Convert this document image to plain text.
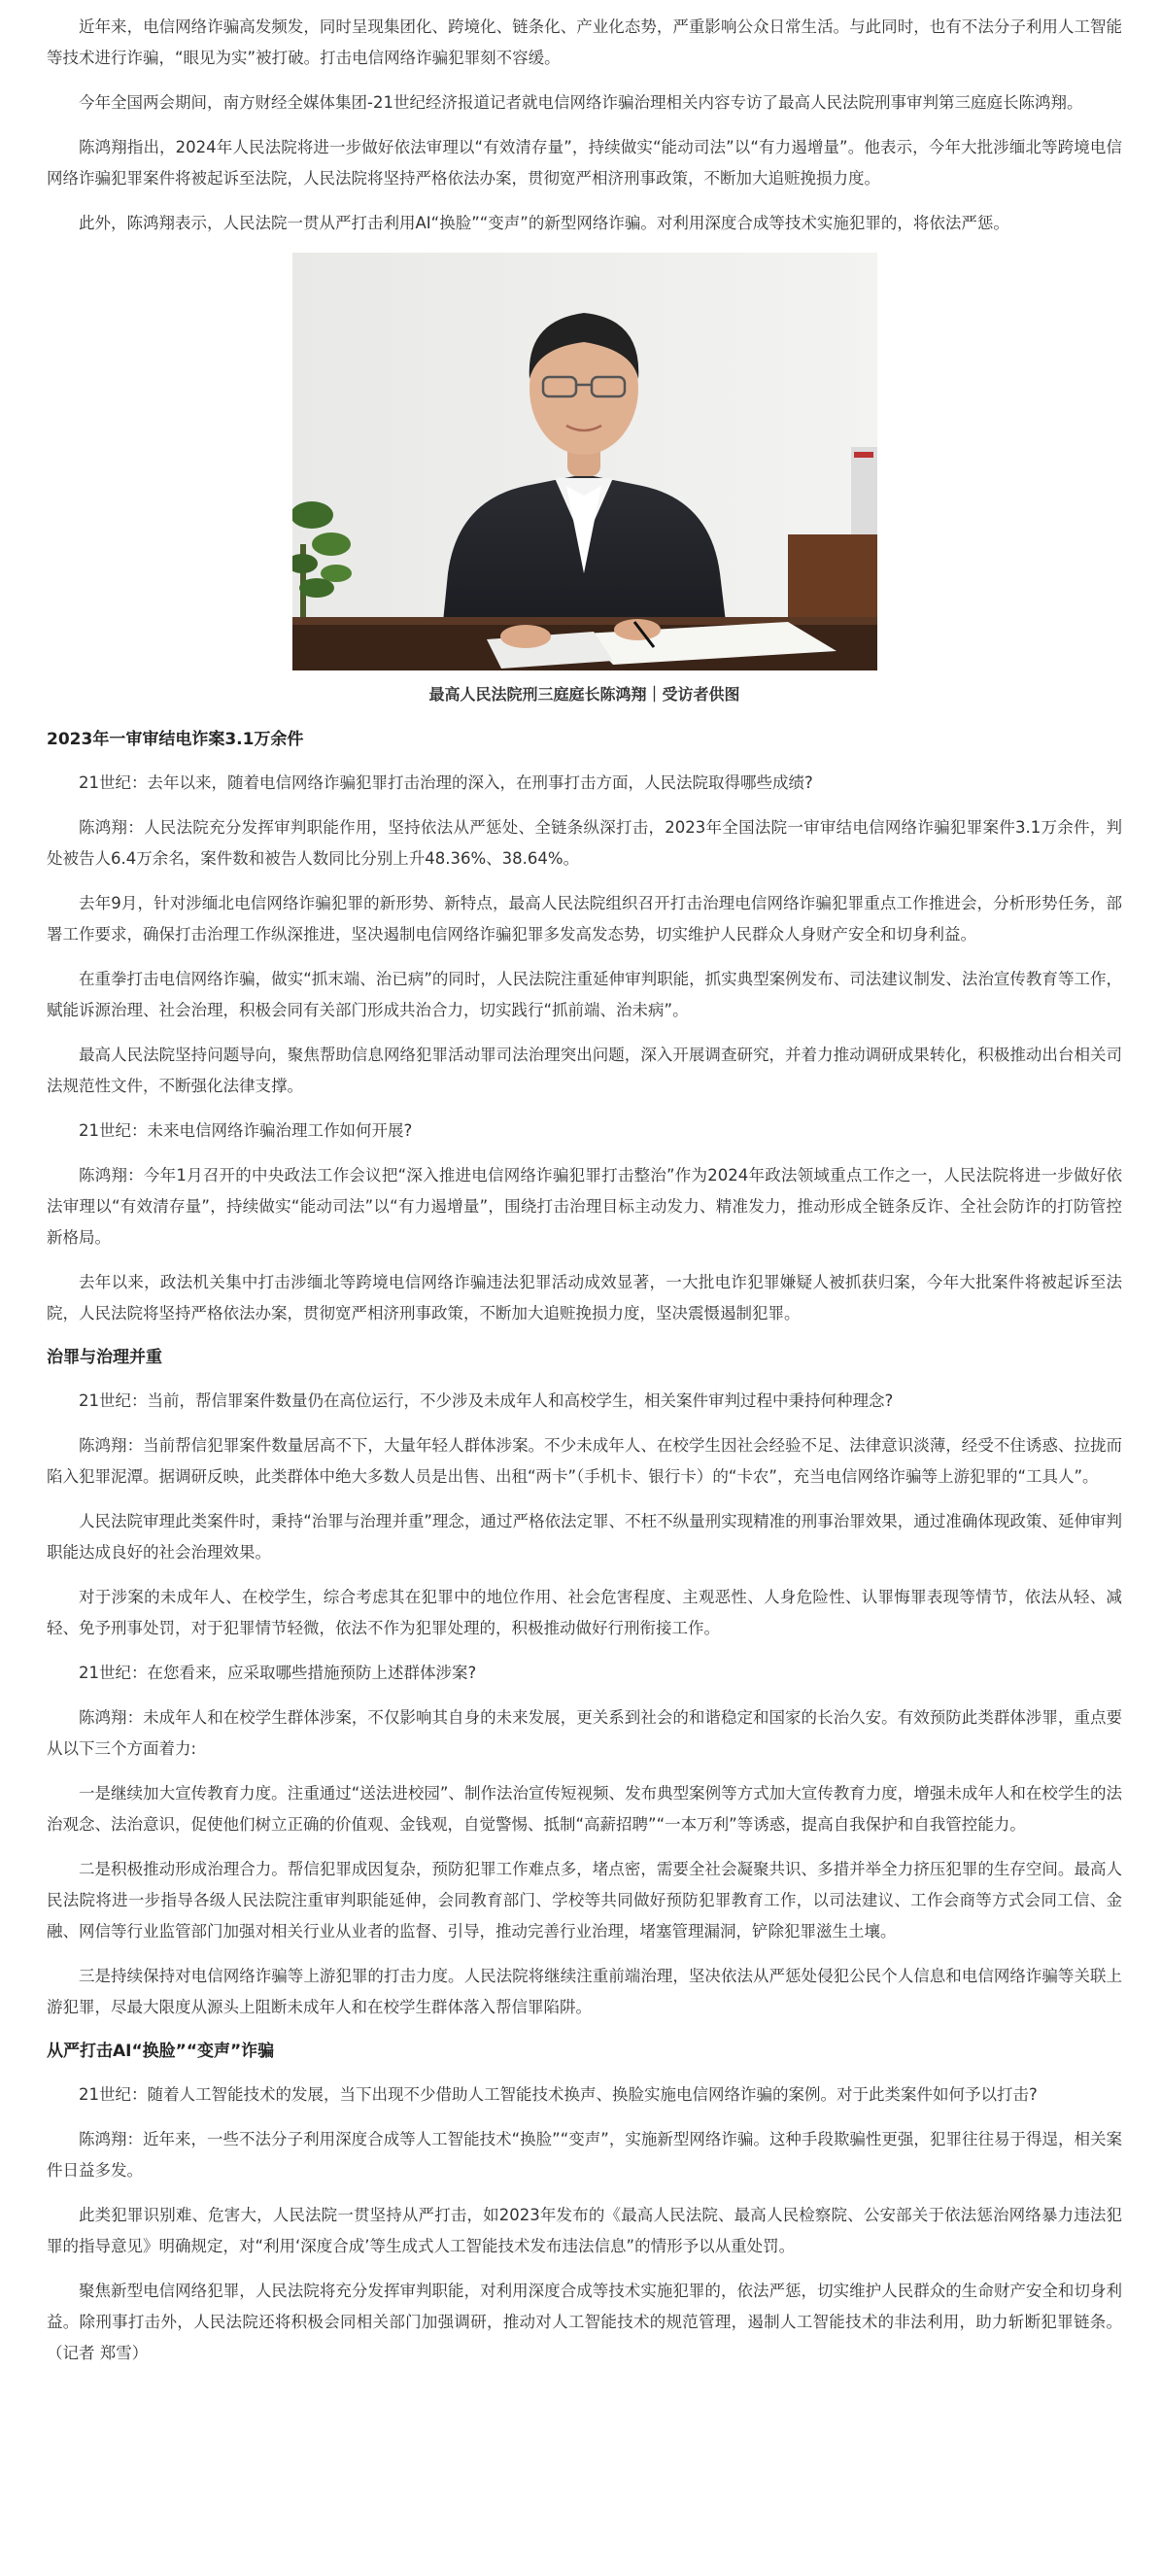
近年来，电信网络诈骗高发频发，同时呈现集团化、跨境化、链条化、产业化态势，严重影响公众日常生活。与此同时，也有不法分子利用人工智能等技术进行诈骗，“眼见为实”被打破。打击电信网络诈骗犯罪刻不容缓。

今年全国两会期间，南方财经全媒体集团-21世纪经济报道记者就电信网络诈骗治理相关内容专访了最高人民法院刑事审判第三庭庭长陈鸿翔。

陈鸿翔指出，2024年人民法院将进一步做好依法审理以“有效清存量”，持续做实“能动司法”以“有力遏增量”。他表示，今年大批涉缅北等跨境电信网络诈骗犯罪案件将被起诉至法院，人民法院将坚持严格依法办案，贯彻宽严相济刑事政策，不断加大追赃挽损力度。

此外，陈鸿翔表示，人民法院一贯从严打击利用AI“换脸”“变声”的新型网络诈骗。对利用深度合成等技术实施犯罪的，将依法严惩。

最高人民法院刑三庭庭长陈鸿翔｜受访者供图

2023年一审审结电诈案3.1万余件

21世纪：去年以来，随着电信网络诈骗犯罪打击治理的深入，在刑事打击方面，人民法院取得哪些成绩?

陈鸿翔：人民法院充分发挥审判职能作用，坚持依法从严惩处、全链条纵深打击，2023年全国法院一审审结电信网络诈骗犯罪案件3.1万余件，判处被告人6.4万余名，案件数和被告人数同比分别上升48.36%、38.64%。

去年9月，针对涉缅北电信网络诈骗犯罪的新形势、新特点，最高人民法院组织召开打击治理电信网络诈骗犯罪重点工作推进会，分析形势任务，部署工作要求，确保打击治理工作纵深推进，坚决遏制电信网络诈骗犯罪多发高发态势，切实维护人民群众人身财产安全和切身利益。

在重拳打击电信网络诈骗，做实“抓末端、治已病”的同时，人民法院注重延伸审判职能，抓实典型案例发布、司法建议制发、法治宣传教育等工作，赋能诉源治理、社会治理，积极会同有关部门形成共治合力，切实践行“抓前端、治未病”。

最高人民法院坚持问题导向，聚焦帮助信息网络犯罪活动罪司法治理突出问题，深入开展调查研究，并着力推动调研成果转化，积极推动出台相关司法规范性文件，不断强化法律支撑。

21世纪：未来电信网络诈骗治理工作如何开展?

陈鸿翔：今年1月召开的中央政法工作会议把“深入推进电信网络诈骗犯罪打击整治”作为2024年政法领域重点工作之一，人民法院将进一步做好依法审理以“有效清存量”，持续做实“能动司法”以“有力遏增量”，围绕打击治理目标主动发力、精准发力，推动形成全链条反诈、全社会防诈的打防管控新格局。

去年以来，政法机关集中打击涉缅北等跨境电信网络诈骗违法犯罪活动成效显著，一大批电诈犯罪嫌疑人被抓获归案，今年大批案件将被起诉至法院，人民法院将坚持严格依法办案，贯彻宽严相济刑事政策，不断加大追赃挽损力度，坚决震慑遏制犯罪。

治罪与治理并重

21世纪：当前，帮信罪案件数量仍在高位运行，不少涉及未成年人和高校学生，相关案件审判过程中秉持何种理念?

陈鸿翔：当前帮信犯罪案件数量居高不下，大量年轻人群体涉案。不少未成年人、在校学生因社会经验不足、法律意识淡薄，经受不住诱惑、拉拢而陷入犯罪泥潭。据调研反映，此类群体中绝大多数人员是出售、出租“两卡”（手机卡、银行卡）的“卡农”，充当电信网络诈骗等上游犯罪的“工具人”。

人民法院审理此类案件时，秉持“治罪与治理并重”理念，通过严格依法定罪、不枉不纵量刑实现精准的刑事治罪效果，通过准确体现政策、延伸审判职能达成良好的社会治理效果。

对于涉案的未成年人、在校学生，综合考虑其在犯罪中的地位作用、社会危害程度、主观恶性、人身危险性、认罪悔罪表现等情节，依法从轻、减轻、免予刑事处罚，对于犯罪情节轻微，依法不作为犯罪处理的，积极推动做好行刑衔接工作。

21世纪：在您看来，应采取哪些措施预防上述群体涉案?

陈鸿翔：未成年人和在校学生群体涉案，不仅影响其自身的未来发展，更关系到社会的和谐稳定和国家的长治久安。有效预防此类群体涉罪，重点要从以下三个方面着力:

一是继续加大宣传教育力度。注重通过“送法进校园”、制作法治宣传短视频、发布典型案例等方式加大宣传教育力度，增强未成年人和在校学生的法治观念、法治意识，促使他们树立正确的价值观、金钱观，自觉警惕、抵制“高薪招聘”“一本万利”等诱惑，提高自我保护和自我管控能力。

二是积极推动形成治理合力。帮信犯罪成因复杂，预防犯罪工作难点多，堵点密，需要全社会凝聚共识、多措并举全力挤压犯罪的生存空间。最高人民法院将进一步指导各级人民法院注重审判职能延伸，会同教育部门、学校等共同做好预防犯罪教育工作，以司法建议、工作会商等方式会同工信、金融、网信等行业监管部门加强对相关行业从业者的监督、引导，推动完善行业治理，堵塞管理漏洞，铲除犯罪滋生土壤。

三是持续保持对电信网络诈骗等上游犯罪的打击力度。人民法院将继续注重前端治理，坚决依法从严惩处侵犯公民个人信息和电信网络诈骗等关联上游犯罪，尽最大限度从源头上阻断未成年人和在校学生群体落入帮信罪陷阱。

从严打击AI“换脸”“变声”诈骗

21世纪：随着人工智能技术的发展，当下出现不少借助人工智能技术换声、换脸实施电信网络诈骗的案例。对于此类案件如何予以打击?

陈鸿翔：近年来，一些不法分子利用深度合成等人工智能技术“换脸”“变声”，实施新型网络诈骗。这种手段欺骗性更强，犯罪往往易于得逞，相关案件日益多发。

此类犯罪识别难、危害大，人民法院一贯坚持从严打击，如2023年发布的《最高人民法院、最高人民检察院、公安部关于依法惩治网络暴力违法犯罪的指导意见》明确规定，对“利用‘深度合成’等生成式人工智能技术发布违法信息”的情形予以从重处罚。

聚焦新型电信网络犯罪，人民法院将充分发挥审判职能，对利用深度合成等技术实施犯罪的，依法严惩，切实维护人民群众的生命财产安全和切身利益。除刑事打击外，人民法院还将积极会同相关部门加强调研，推动对人工智能技术的规范管理，遏制人工智能技术的非法利用，助力斩断犯罪链条。（记者 郑雪）
